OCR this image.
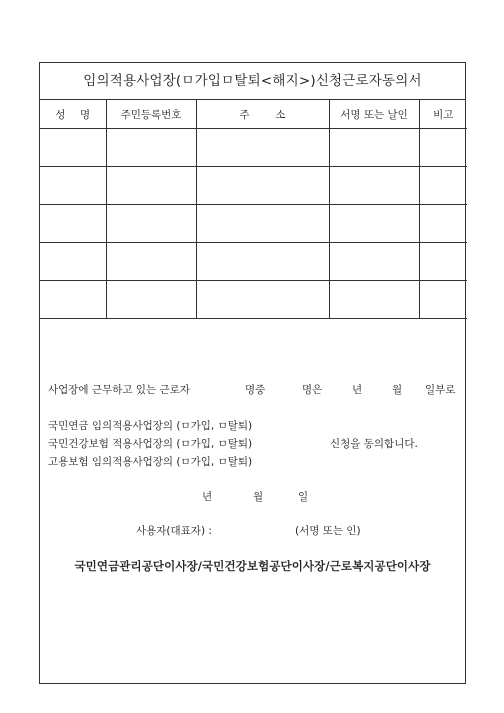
임의적용사업장(ㅁ가입ㅁ탈퇴<해지>)신청근로자동의서
성 명	주민등록번호	주 소	서명 또는 날인	비고

사업장에 근무하고 있는 근로자	명중	명은	년	월 일부로
국민연금 임의적용사업장의 (ㅁ가입, ㅁ탈퇴)
국민건강보험 적용사업장의 (ㅁ가입, ㅁ탈퇴)	신청을 동의합니다.
고용보험 임의적용사업장의 (ㅁ가입, ㅁ탈퇴)
년	월	일
사용자(대표자) :	(서명 또는 인)
국민연금관리공단이사장/국민건강보험공단이사장/근로복지공단이사장
